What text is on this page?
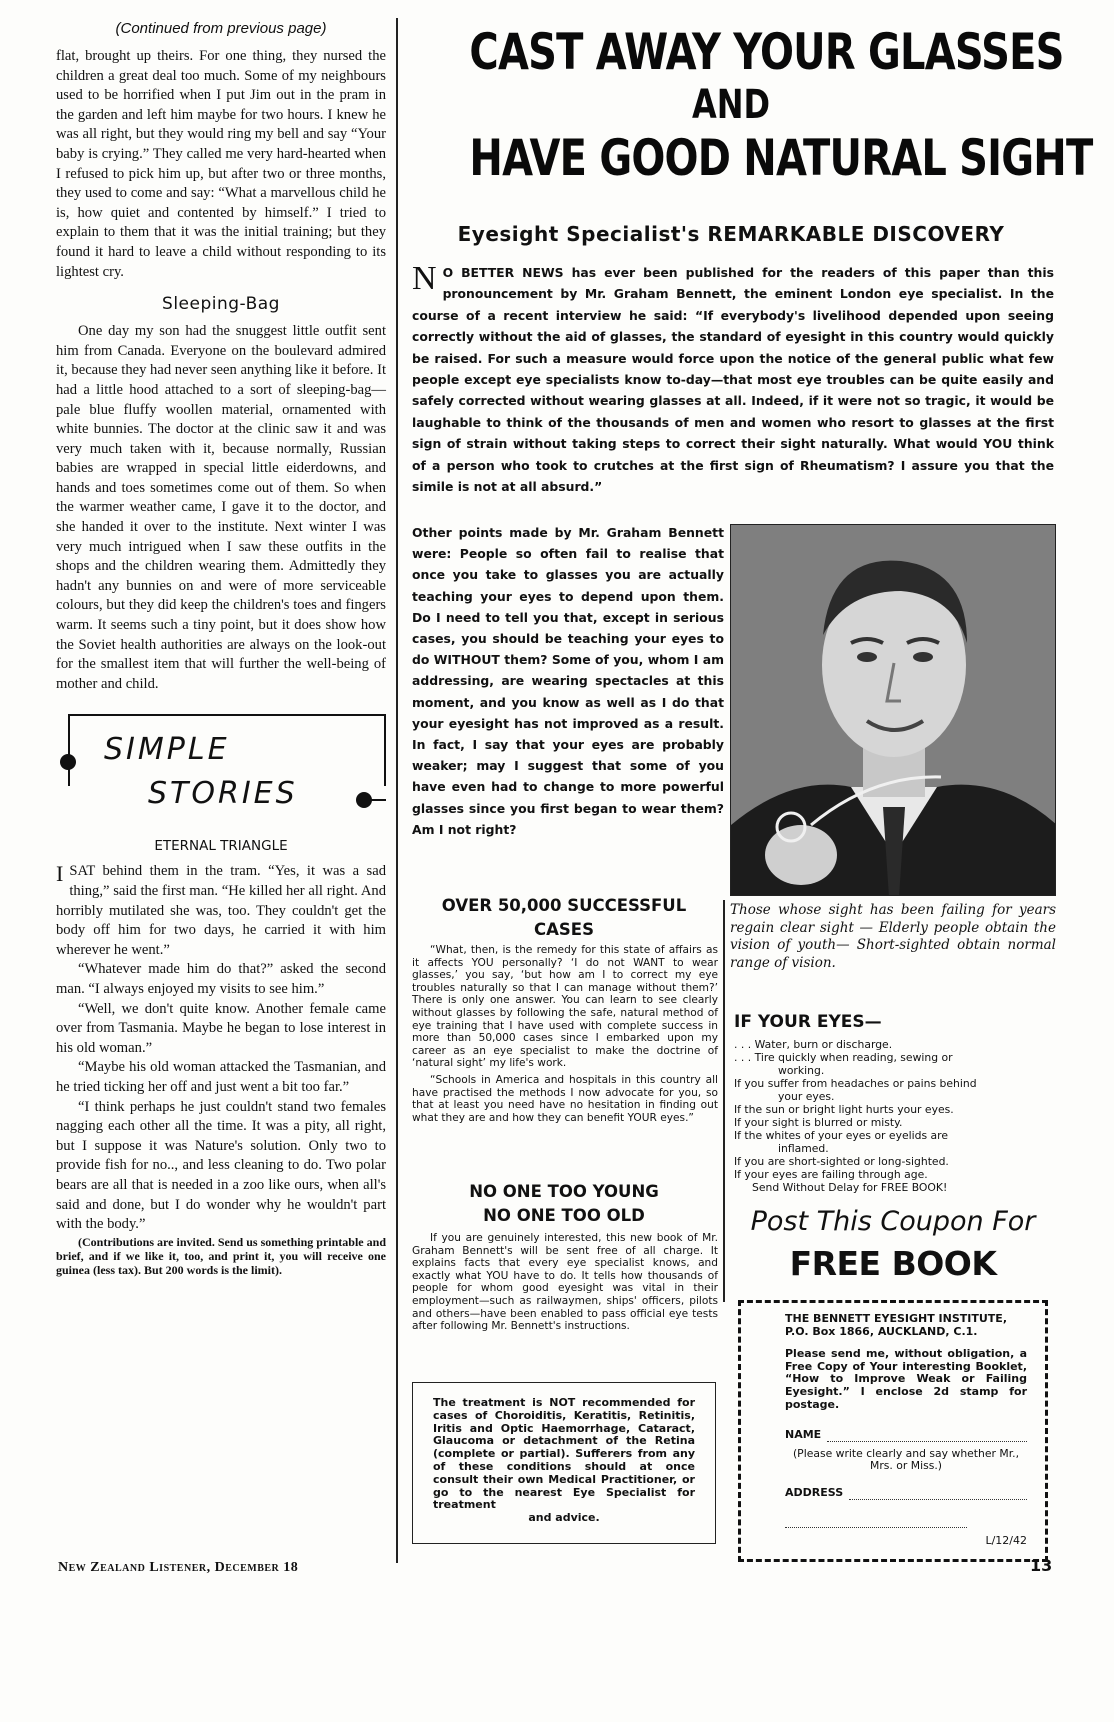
(Continued from previous page)

flat, brought up theirs. For one thing, they nursed the children a great deal too much. Some of my neighbours used to be horrified when I put Jim out in the pram in the garden and left him maybe for two hours. I knew he was all right, but they would ring my bell and say “Your baby is crying.” They called me very hard-hearted when I refused to pick him up, but after two or three months, they used to come and say: “What a marvellous child he is, how quiet and contented by himself.” I tried to explain to them that it was the initial training; but they found it hard to leave a child without responding to its lightest cry.

Sleeping-Bag

One day my son had the snuggest little outfit sent him from Canada. Everyone on the boulevard admired it, because they had never seen anything like it before. It had a little hood attached to a sort of sleeping-bag—pale blue fluffy woollen material, ornamented with white bunnies. The doctor at the clinic saw it and was very much taken with it, because normally, Russian babies are wrapped in special little eiderdowns, and hands and toes sometimes come out of them. So when the warmer weather came, I gave it to the doctor, and she handed it over to the institute. Next winter I was very much intrigued when I saw these outfits in the shops and the children wearing them. Admittedly they hadn't any bunnies on and were of more serviceable colours, but they did keep the children's toes and fingers warm. It seems such a tiny point, but it does show how the Soviet health authorities are always on the look-out for the smallest item that will further the well-being of mother and child.

SIMPLE
STORIES
ETERNAL TRIANGLE

ISAT behind them in the tram. “Yes, it was a sad thing,” said the first man. “He killed her all right. And horribly mutilated she was, too. They couldn't get the body off him for two days, he carried it with him wherever he went.”

“Whatever made him do that?” asked the second man. “I always enjoyed my visits to see him.”

“Well, we don't quite know. Another female came over from Tasmania. Maybe he began to lose interest in his old woman.”

“Maybe his old woman attacked the Tasmanian, and he tried ticking her off and just went a bit too far.”

“I think perhaps he just couldn't stand two females nagging each other all the time. It was a pity, all right, but I suppose it was Nature's solution. Only two to provide fish for no.., and less cleaning to do. Two polar bears are all that is needed in a zoo like ours, when all's said and done, but I do wonder why he wouldn't part with the body.”

(Contributions are invited. Send us something printable and brief, and if we like it, too, and print it, you will receive one guinea (less tax). But 200 words is the limit).

CAST AWAY YOUR GLASSES
AND
HAVE GOOD NATURAL SIGHT
Eyesight Specialist's REMARKABLE DISCOVERY
N O BETTER NEWS has ever been published for the readers of this paper than this pronouncement by Mr. Graham Bennett, the eminent London eye specialist. In the course of a recent interview he said: “If everybody's livelihood depended upon seeing correctly without the aid of glasses, the standard of eyesight in this country would quickly be raised. For such a measure would force upon the notice of the general public what few people except eye specialists know to-day—that most eye troubles can be quite easily and safely corrected without wearing glasses at all. Indeed, if it were not so tragic, it would be laughable to think of the thousands of men and women who resort to glasses at the first sign of strain without taking steps to correct their sight naturally. What would YOU think of a person who took to crutches at the first sign of Rheumatism? I assure you that the simile is not at all absurd.”
Other points made by Mr. Graham Bennett were: People so often fail to realise that once you take to glasses you are actually teaching your eyes to depend upon them. Do I need to tell you that, except in serious cases, you should be teaching your eyes to do WITHOUT them? Some of you, whom I am addressing, are wearing spectacles at this moment, and you know as well as I do that your eyesight has not improved as a result. In fact, I say that your eyes are probably weaker; may I suggest that some of you have even had to change to more powerful glasses since you first began to wear them? Am I not right?
Those whose sight has been failing for years regain clear sight — Elderly people obtain the vision of youth— Short-sighted obtain normal range of vision.
OVER 50,000 SUCCESSFUL
CASES

“What, then, is the remedy for this state of affairs as it affects YOU personally? ‘I do not WANT to wear glasses,’ you say, ‘but how am I to correct my eye troubles naturally so that I can manage without them?’ There is only one answer. You can learn to see clearly without glasses by following the safe, natural method of eye training that I have used with complete success in more than 50,000 cases since I embarked upon my career as an eye specialist to make the doctrine of ‘natural sight’ my life's work.

“Schools in America and hospitals in this country all have practised the methods I now advocate for you, so that at least you need have no hesitation in finding out what they are and how they can benefit YOUR eyes.”

NO ONE TOO YOUNG
NO ONE TOO OLD

If you are genuinely interested, this new book of Mr. Graham Bennett's will be sent free of all charge. It explains facts that every eye specialist knows, and exactly what YOU have to do. It tells how thousands of people for whom good eyesight was vital in their employment—such as railwaymen, ships' officers, pilots and others—have been enabled to pass official eye tests after following Mr. Bennett's instructions.

The treatment is NOT recommended for cases of Choroiditis, Keratitis, Retinitis, Iritis and Optic Haemorrhage, Cataract, Glaucoma or detachment of the Retina (complete or partial). Sufferers from any of these conditions should at once consult their own Medical Practitioner, or go to the nearest Eye Specialist for treatment
and advice.

IF YOUR EYES—
. . . Water, burn or discharge.
. . . Tire quickly when reading, sewing or
working.
If you suffer from headaches or pains behind
your eyes.
If the sun or bright light hurts your eyes.
If your sight is blurred or misty.
If the whites of your eyes or eyelids are
inflamed.
If you are short-sighted or long-sighted.
If your eyes are failing through age.
Send Without Delay for FREE BOOK!
Post This Coupon For
FREE BOOK
THE BENNETT EYESIGHT INSTITUTE,
P.O. Box 1866, AUCKLAND, C.1.
Please send me, without obligation, a Free Copy of Your interesting Booklet, “How to Improve Weak or Failing Eyesight.” I enclose 2d stamp for postage.
NAME
(Please write clearly and say whether Mr., Mrs. or Miss.)
ADDRESS
L/12/42
New Zealand Listener, December 18	13
